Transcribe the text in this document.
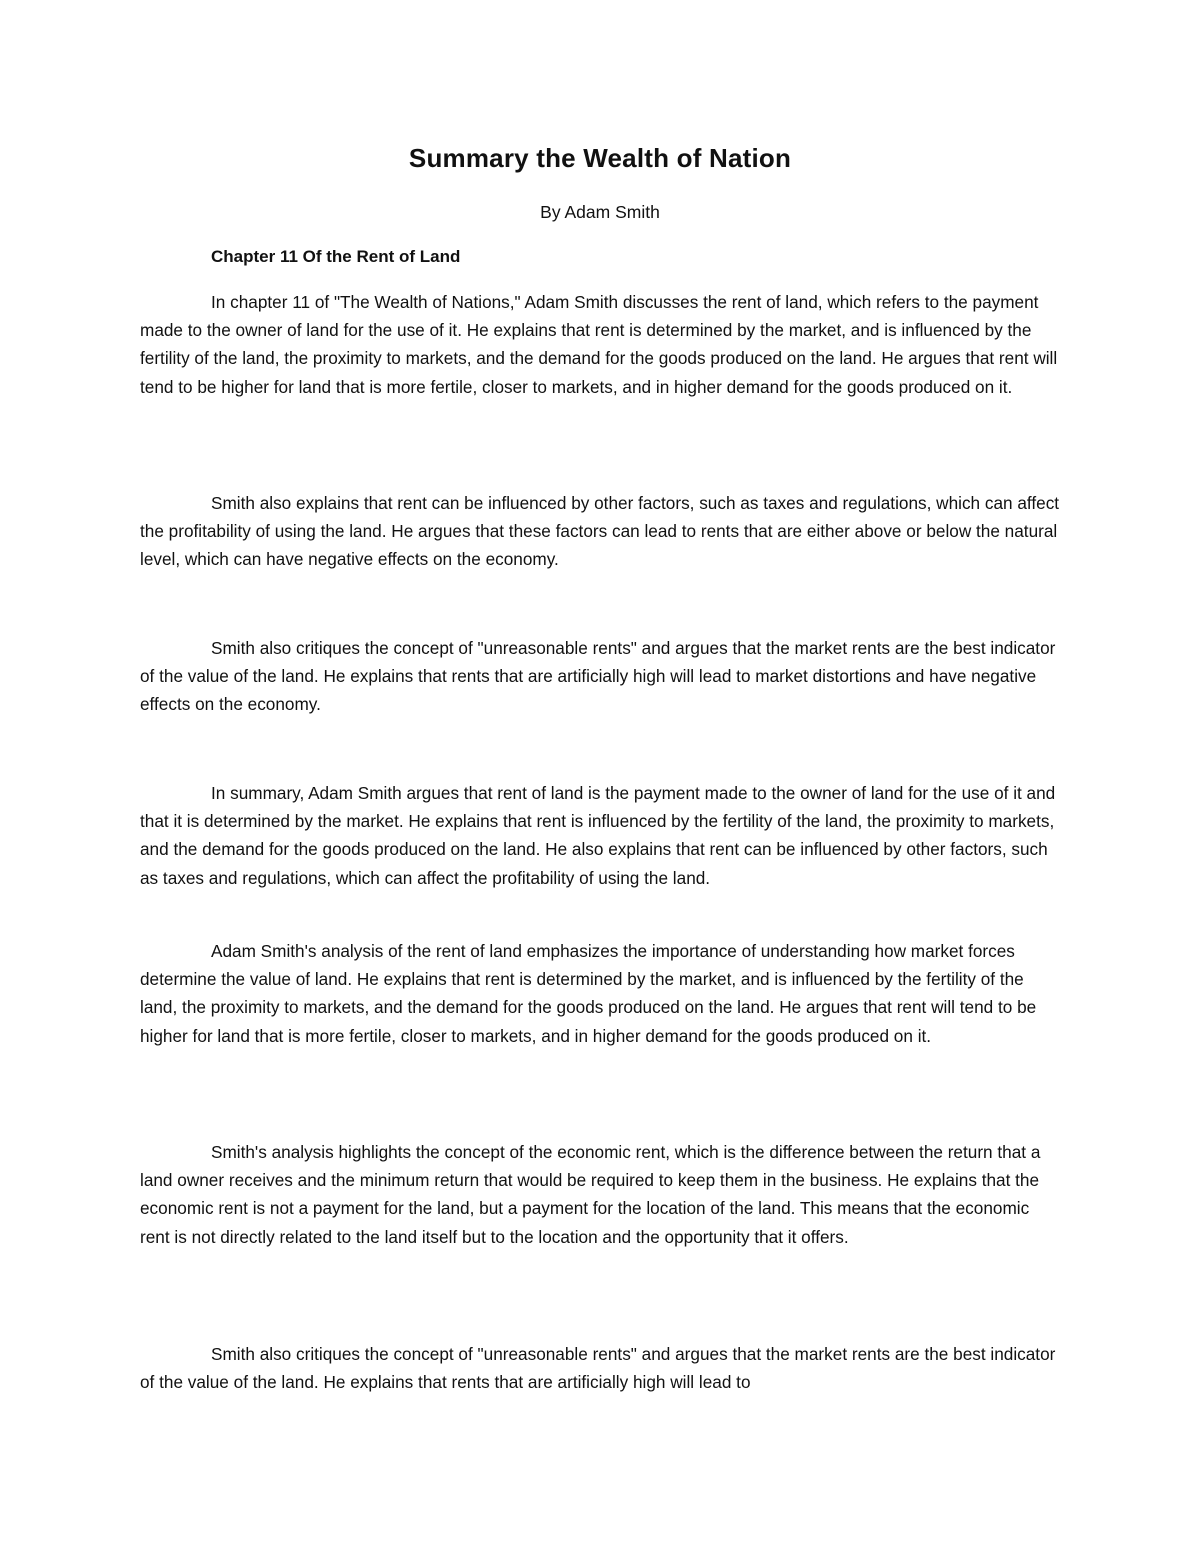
Summary the Wealth of Nation

By Adam Smith

Chapter 11 Of the Rent of Land

In chapter 11 of "The Wealth of Nations," Adam Smith discusses the rent of land, which refers to the payment made to the owner of land for the use of it. He explains that rent is determined by the market, and is influenced by the fertility of the land, the proximity to markets, and the demand for the goods produced on the land. He argues that rent will tend to be higher for land that is more fertile, closer to markets, and in higher demand for the goods produced on it.

Smith also explains that rent can be influenced by other factors, such as taxes and regulations, which can affect the profitability of using the land. He argues that these factors can lead to rents that are either above or below the natural level, which can have negative effects on the economy.

Smith also critiques the concept of "unreasonable rents" and argues that the market rents are the best indicator of the value of the land. He explains that rents that are artificially high will lead to market distortions and have negative effects on the economy.

In summary, Adam Smith argues that rent of land is the payment made to the owner of land for the use of it and that it is determined by the market. He explains that rent is influenced by the fertility of the land, the proximity to markets, and the demand for the goods produced on the land. He also explains that rent can be influenced by other factors, such as taxes and regulations, which can affect the profitability of using the land.

Adam Smith's analysis of the rent of land emphasizes the importance of understanding how market forces determine the value of land. He explains that rent is determined by the market, and is influenced by the fertility of the land, the proximity to markets, and the demand for the goods produced on the land. He argues that rent will tend to be higher for land that is more fertile, closer to markets, and in higher demand for the goods produced on it.

Smith's analysis highlights the concept of the economic rent, which is the difference between the return that a land owner receives and the minimum return that would be required to keep them in the business. He explains that the economic rent is not a payment for the land, but a payment for the location of the land. This means that the economic rent is not directly related to the land itself but to the location and the opportunity that it offers.

Smith also critiques the concept of "unreasonable rents" and argues that the market rents are the best indicator of the value of the land. He explains that rents that are artificially high will lead to
